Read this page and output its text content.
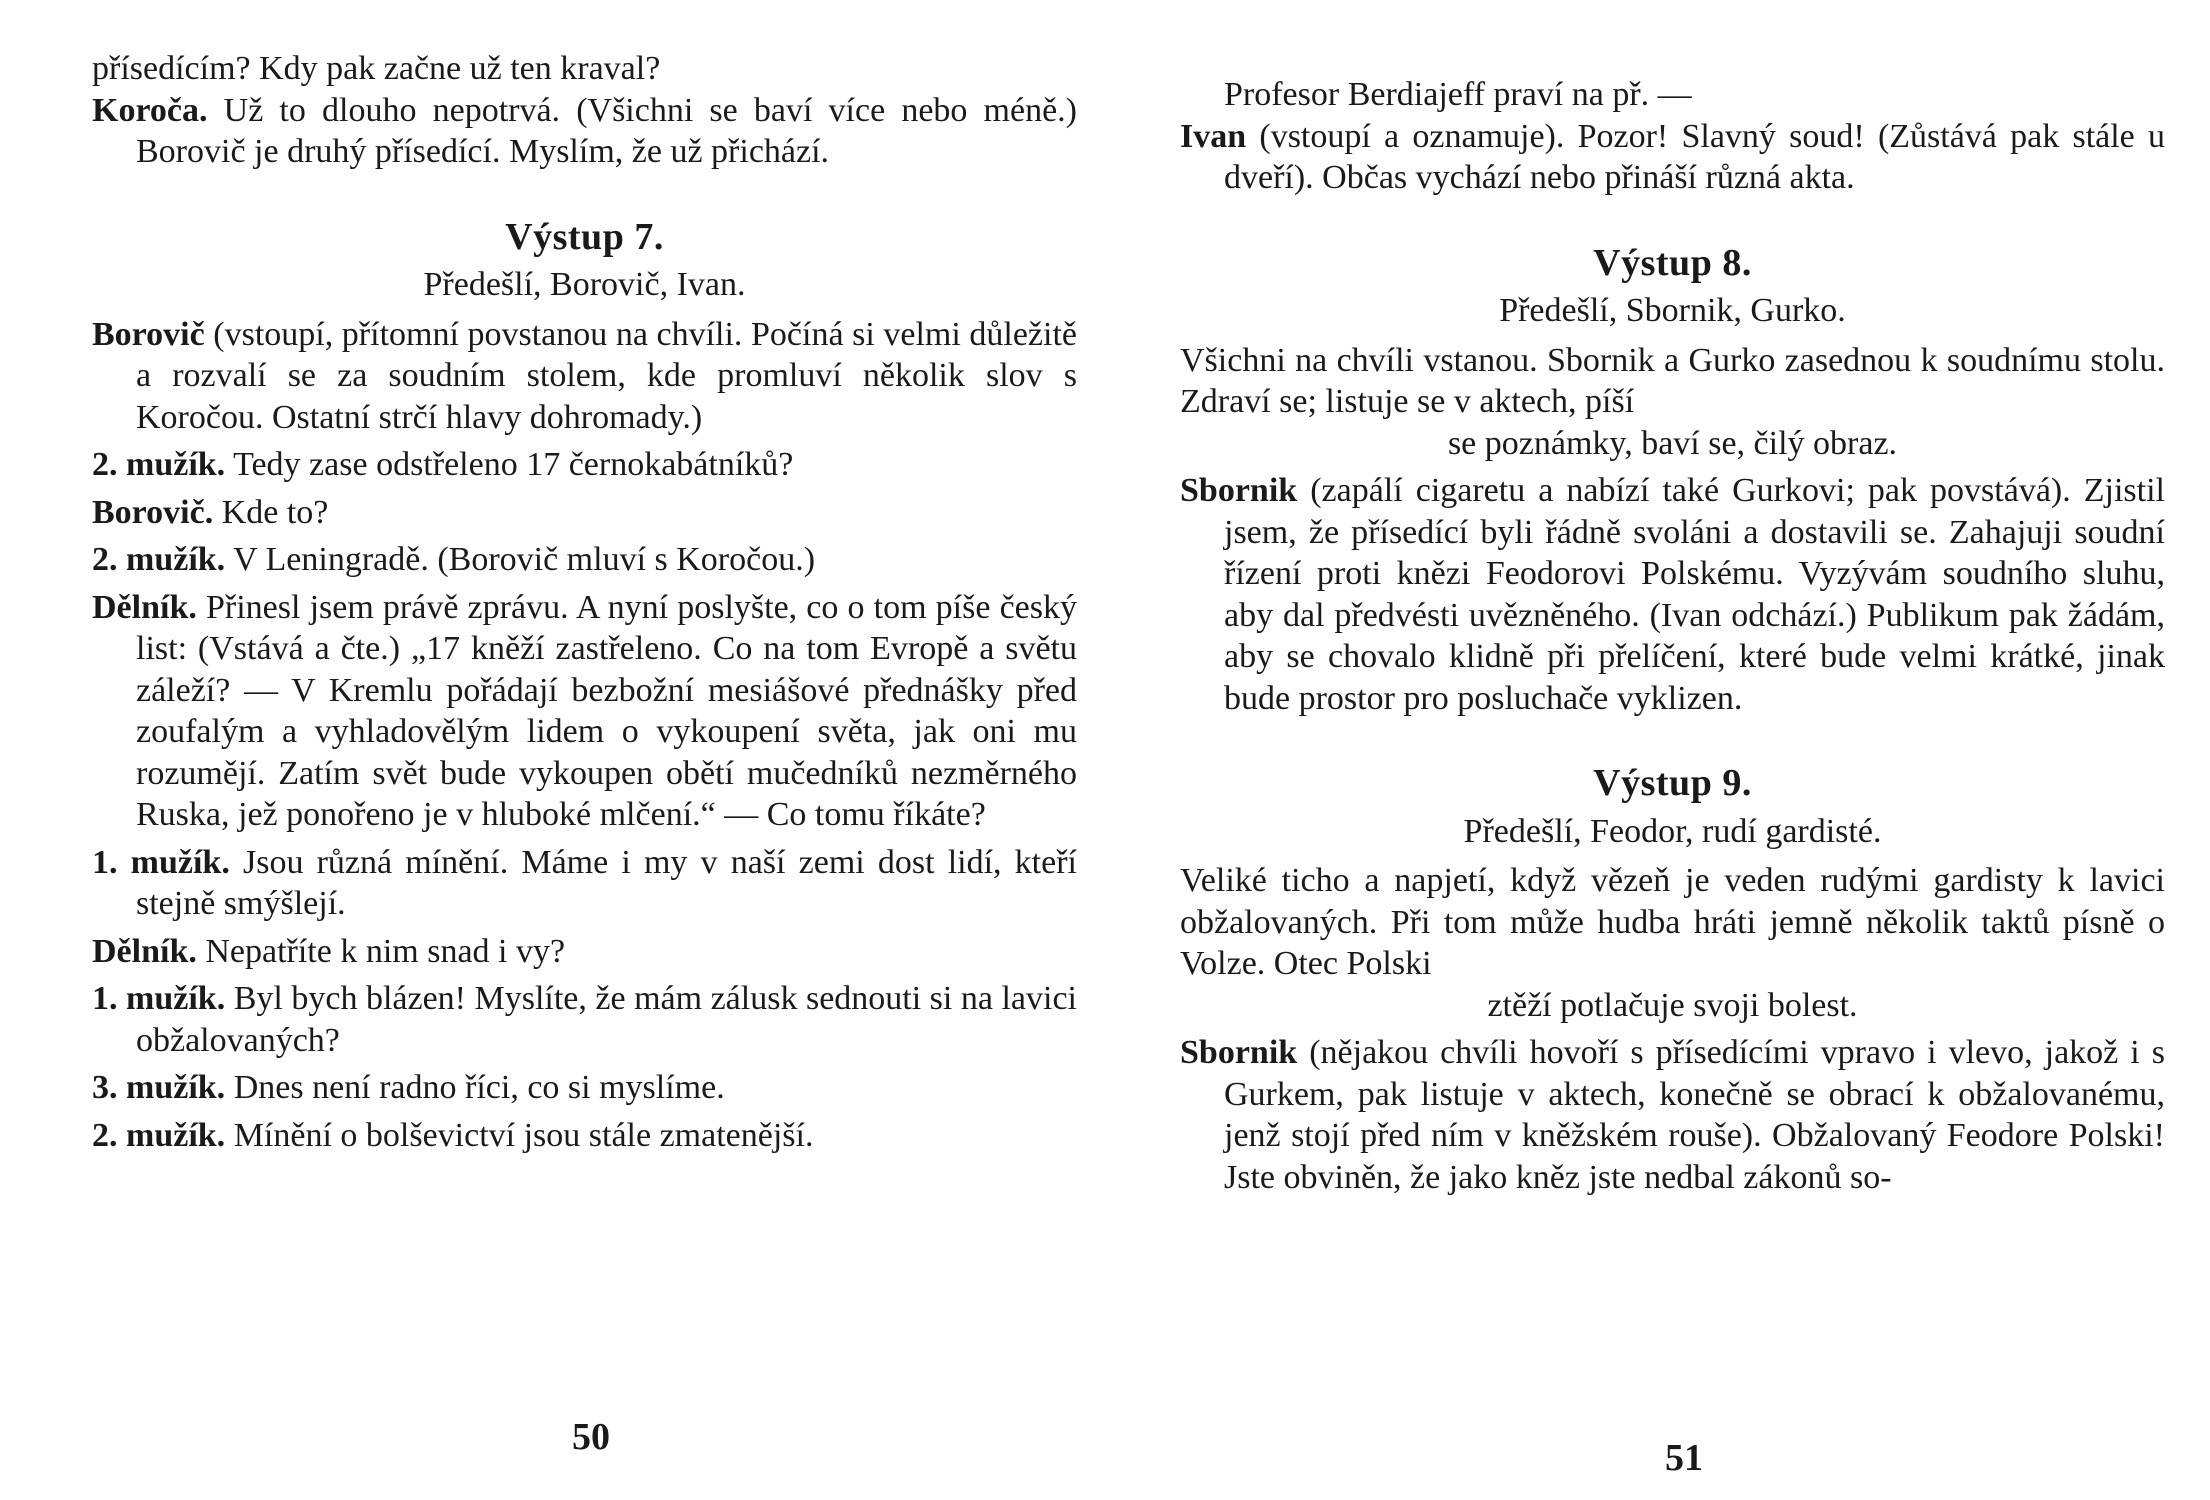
přísedícím? Kdy pak začne už ten kraval?

Koroča. Už to dlouho nepotrvá. (Všichni se baví více nebo méně.) Borovič je druhý přísedící. Myslím, že už přichází.

Výstup 7.
Předešlí, Borovič, Ivan.

Borovič (vstoupí, přítomní povstanou na chvíli. Počíná si velmi důležitě a rozvalí se za soudním stolem, kde promluví několik slov s Koročou. Ostatní strčí hlavy dohromady.)

2. mužík. Tedy zase odstřeleno 17 černokabátníků?

Borovič. Kde to?

2. mužík. V Leningradě. (Borovič mluví s Koročou.)

Dělník. Přinesl jsem právě zprávu. A nyní poslyšte, co o tom píše český list: (Vstává a čte.) „17 kněží zastřeleno. Co na tom Evropě a světu záleží? — V Kremlu pořádají bezbožní mesiášové přednášky před zoufalým a vyhladovělým lidem o vykoupení světa, jak oni mu rozumějí. Zatím svět bude vykoupen obětí mučedníků nezměrného Ruska, jež ponořeno je v hluboké mlčení.“ — Co tomu říkáte?

1. mužík. Jsou různá mínění. Máme i my v naší zemi dost lidí, kteří stejně smýšlejí.

Dělník. Nepatříte k nim snad i vy?

1. mužík. Byl bych blázen! Myslíte, že mám zálusk sednouti si na lavici obžalovaných?

3. mužík. Dnes není radno říci, co si myslíme.

2. mužík. Mínění o bolševictví jsou stále zmatenější.

50

Profesor Berdiajeff praví na př. —

Ivan (vstoupí a oznamuje). Pozor! Slavný soud! (Zůstává pak stále u dveří). Občas vychází nebo přináší různá akta.

Výstup 8.
Předešlí, Sbornik, Gurko.

Všichni na chvíli vstanou. Sbornik a Gurko zasednou k soudnímu stolu. Zdraví se; listuje se v aktech, píší

se poznámky, baví se, čilý obraz.

Sbornik (zapálí cigaretu a nabízí také Gurkovi; pak povstává). Zjistil jsem, že přísedící byli řádně svoláni a dostavili se. Zahajuji soudní řízení proti knězi Feodorovi Polskému. Vyzývám soudního sluhu, aby dal předvésti uvězněného. (Ivan odchází.) Publikum pak žádám, aby se chovalo klidně při přelíčení, které bude velmi krátké, jinak bude prostor pro posluchače vyklizen.

Výstup 9.
Předešlí, Feodor, rudí gardisté.

Veliké ticho a napjetí, když vězeň je veden rudými gardisty k lavici obžalovaných. Při tom může hudba hráti jemně několik taktů písně o Volze. Otec Polski

ztěží potlačuje svoji bolest.

Sbornik (nějakou chvíli hovoří s přísedícími vpravo i vlevo, jakož i s Gurkem, pak listuje v aktech, konečně se obrací k obžalovanému, jenž stojí před ním v kněžském rouše). Obžalovaný Feodore Polski! Jste obviněn, že jako kněz jste nedbal zákonů so-

51
